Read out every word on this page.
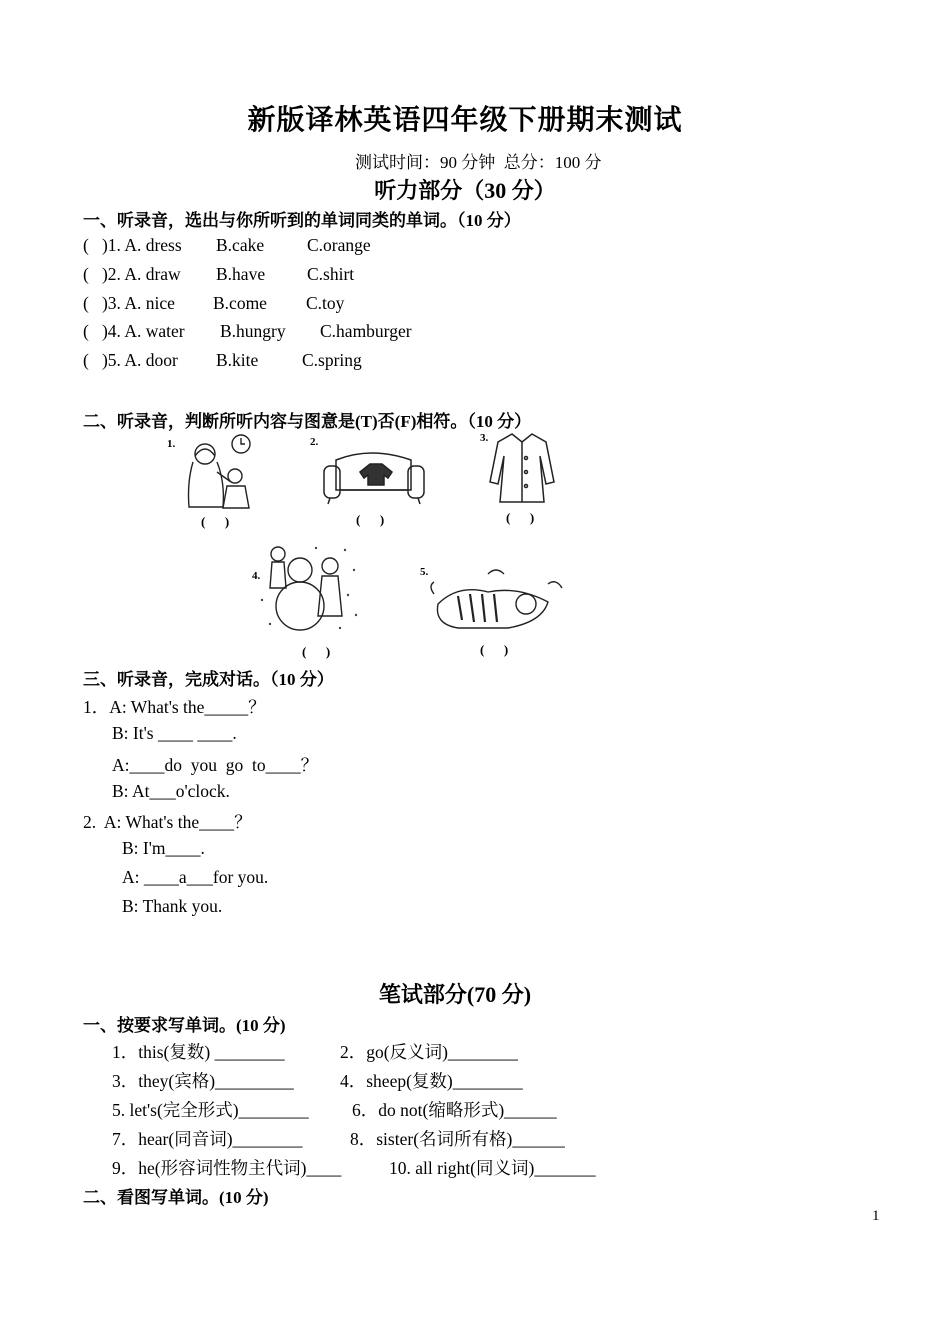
新版译林英语四年级下册期末测试
测试时间：90 分钟  总分：100 分
听力部分（30 分）
一、听录音，选出与你所听到的单词同类的单词。（10 分）
(   )1. A. dress B.cake C.orange
(   )2. A. draw B.have C.shirt
(   )3. A. nice B.come C.toy
(   )4. A. water B.hungry C.hamburger
(   )5. A. door B.kite C.spring
二、听录音，判断所听内容与图意是(T)否(F)相符。（10 分）
1.
(      )
2.
(      )
3.
(      )
4.
(      )
5.
(      )
三、听录音，完成对话。（10 分）
1．A: What's the_____？
B: It's ____ ____.
A:____do  you  go  to____？
B: At___o'clock.
2.  A: What's the____？
B: I'm____.
A: ____a___for you.
B: Thank you.
笔试部分(70 分)
一、按要求写单词。(10 分)
1．this(复数) ________	2．go(反义词)________
3．they(宾格)_________	4．sheep(复数)________
5. let's(完全形式)________ 6．do not(缩略形式)______
7．hear(同音词)________	8．sister(名词所有格)______
9．he(形容词性物主代词)____	10. all right(同义词)_______
二、看图写单词。(10 分)
1
